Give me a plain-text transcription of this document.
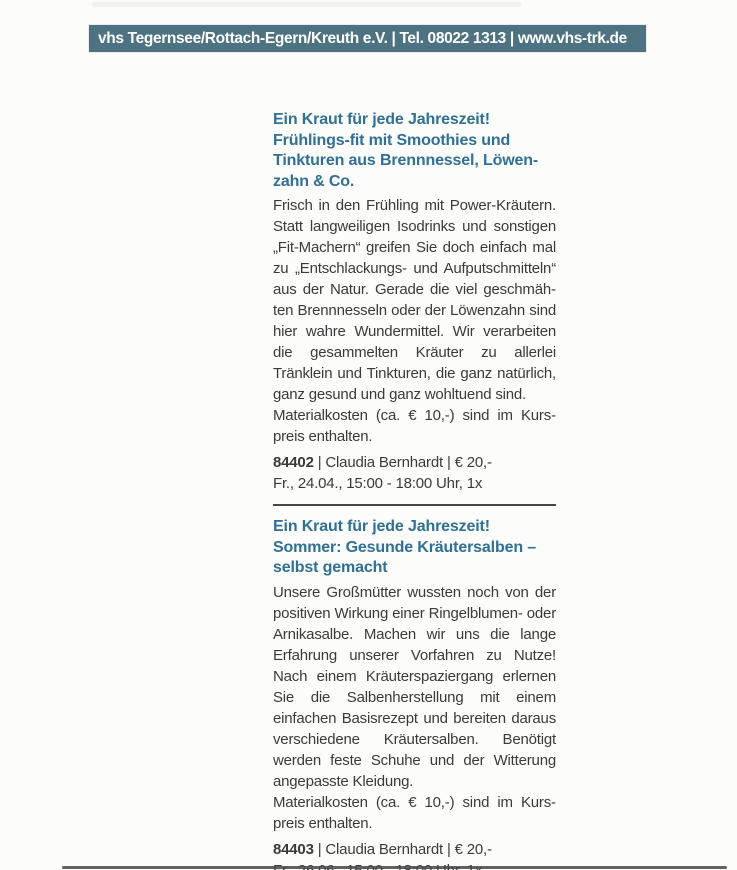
vhs Tegernsee/Rottach-Egern/Kreuth e.V. | Tel. 08022 1313 | www.vhs-trk.de
Ein Kraut für jede Jahreszeit!
Frühlings-fit mit Smoothies und Tinkturen aus Brennnessel, Löwenzahn & Co.

Frisch in den Frühling mit Power-Kräutern. Statt langweiligen Isodrinks und sonstigen „Fit-Machern“ greifen Sie doch einfach mal zu „Entschlackungs- und Aufputschmitteln“ aus der Natur. Gerade die viel geschmähten Brennnesseln oder der Löwenzahn sind hier wahre Wundermittel. Wir verarbeiten die gesammelten Kräuter zu allerlei Tränklein und Tinkturen, die ganz natürlich, ganz gesund und ganz wohltuend sind.

Materialkosten (ca. € 10,-) sind im Kurspreis enthalten.

84402 | Claudia Bernhardt | € 20,-
Fr., 24.04., 15:00 - 18:00 Uhr, 1x

Ein Kraut für jede Jahreszeit!
Sommer: Gesunde Kräutersalben – selbst gemacht

Unsere Großmütter wussten noch von der positiven Wirkung einer Ringelblumen- oder Arnikasalbe. Machen wir uns die lange Erfahrung unserer Vorfahren zu Nutze! Nach einem Kräuterspaziergang erlernen Sie die Salbenherstellung mit einem einfachen Basisrezept und bereiten daraus verschiedene Kräutersalben. Benötigt werden feste Schuhe und der Witterung angepasste Kleidung.

Materialkosten (ca. € 10,-) sind im Kurspreis enthalten.

84403 | Claudia Bernhardt | € 20,-
